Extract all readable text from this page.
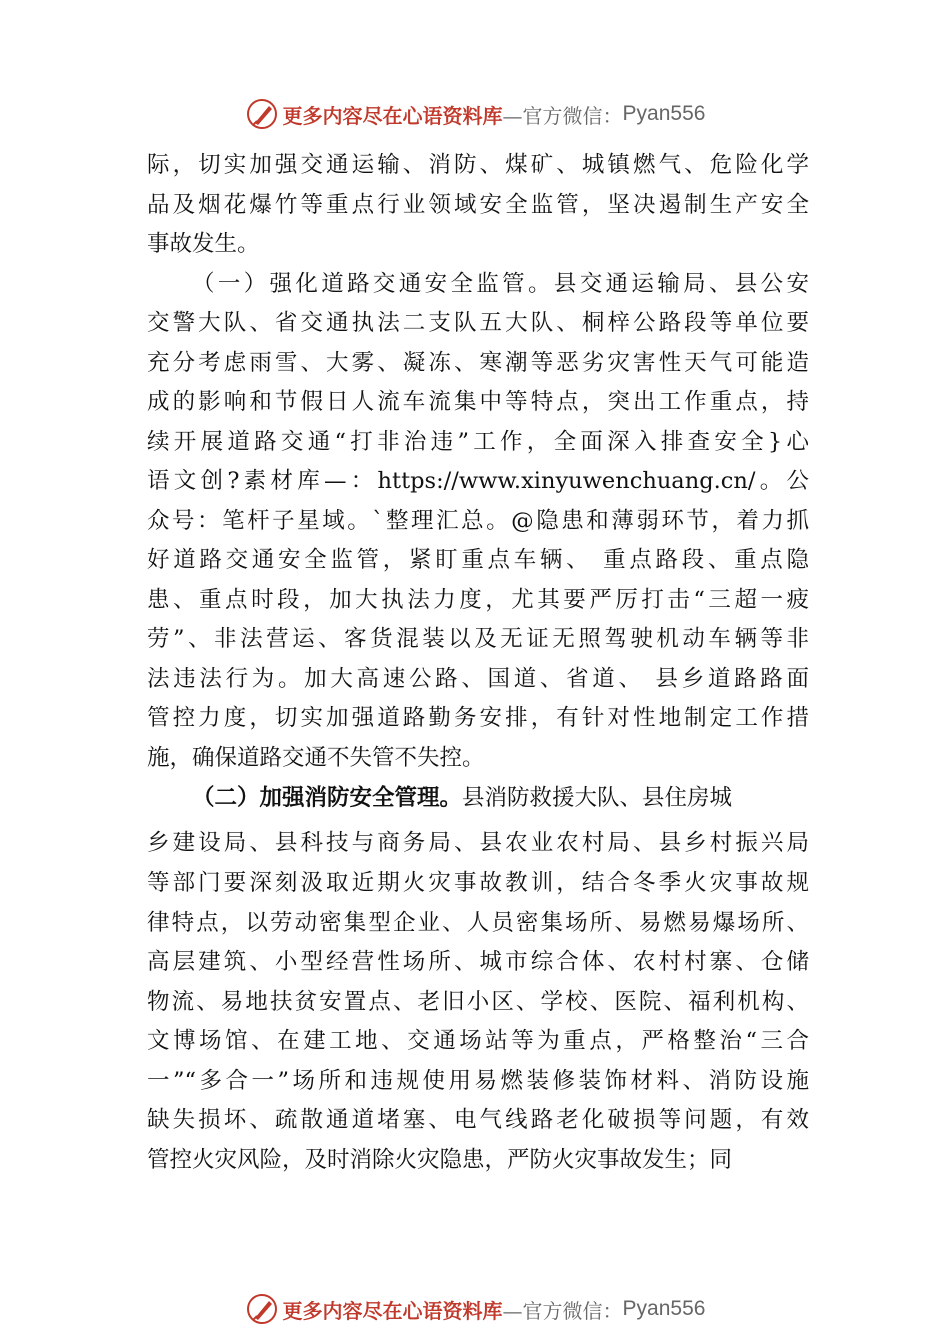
更多内容尽在心语资料库 —官方微信： Pyan556
际，切实加强交通运输、消防、煤矿、城镇燃气、危险化学
品及烟花爆竹等重点行业领域安全监管，坚决遏制生产安全
事故发生。
（一）强化道路交通安全监管。县交通运输局、县公安
交警大队、省交通执法二支队五大队、桐梓公路段等单位要
充分考虑雨雪、大雾、凝冻、寒潮等恶劣灾害性天气可能造
成的影响和节假日人流车流集中等特点，突出工作重点，持
续开展道路交通“打非治违”工作，全面深入排查安全}心
语文创?素材库—：https://www.xinyuwenchuang.cn/。公
众号：笔杆子星域。`整理汇总。@隐患和薄弱环节，着力抓
好道路交通安全监管，紧盯重点车辆、 重点路段、重点隐
患、重点时段，加大执法力度，尤其要严厉打击“三超一疲
劳”、非法营运、客货混装以及无证无照驾驶机动车辆等非
法违法行为。加大高速公路、国道、省道、 县乡道路路面
管控力度，切实加强道路勤务安排，有针对性地制定工作措
施，确保道路交通不失管不失控。
（二）加强消防安全管理。县消防救援大队、县住房城
乡建设局、县科技与商务局、县农业农村局、县乡村振兴局
等部门要深刻汲取近期火灾事故教训，结合冬季火灾事故规
律特点，以劳动密集型企业、人员密集场所、易燃易爆场所、
高层建筑、小型经营性场所、城市综合体、农村村寨、仓储
物流、易地扶贫安置点、老旧小区、学校、医院、福利机构、
文博场馆、在建工地、交通场站等为重点，严格整治“三合
一”“多合一”场所和违规使用易燃装修装饰材料、消防设施
缺失损坏、疏散通道堵塞、电气线路老化破损等问题，有效
管控火灾风险，及时消除火灾隐患，严防火灾事故发生；同
更多内容尽在心语资料库 —官方微信： Pyan556
